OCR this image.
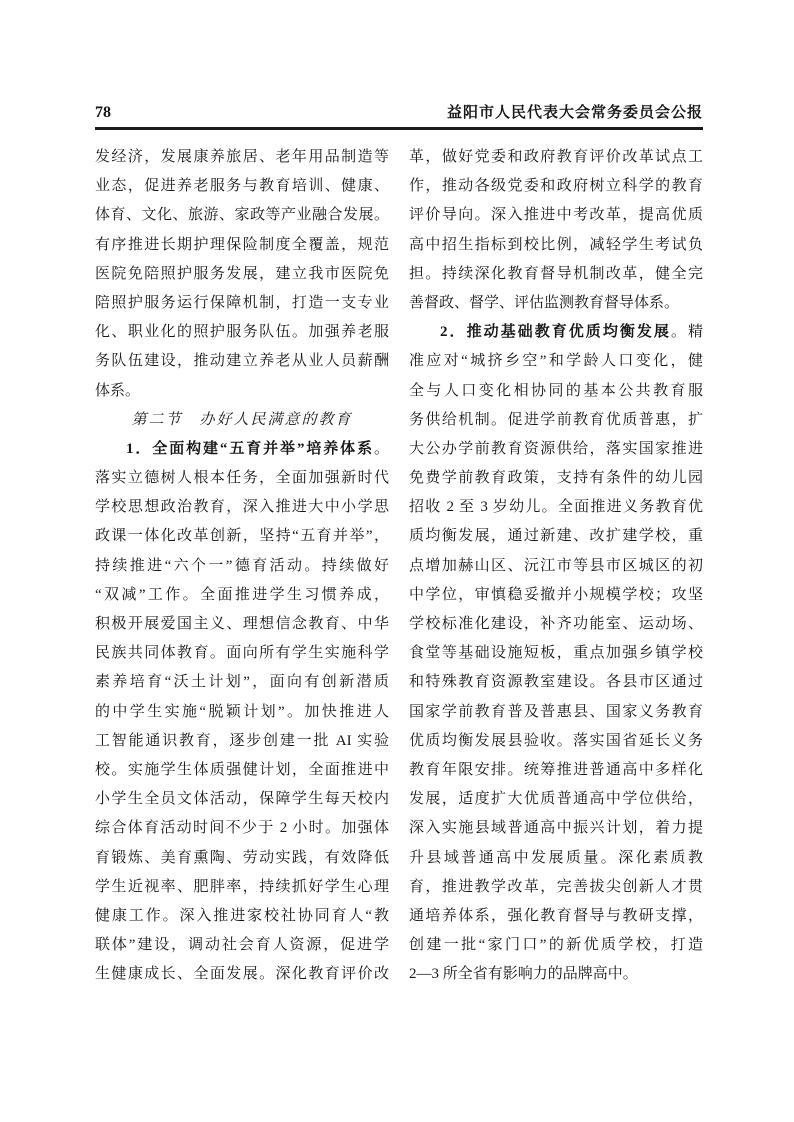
78	益阳市人民代表大会常务委员会公报
发经济，发展康养旅居、老年用品制造等
业态，促进养老服务与教育培训、健康、
体育、文化、旅游、家政等产业融合发展。
有序推进长期护理保险制度全覆盖，规范
医院免陪照护服务发展，建立我市医院免
陪照护服务运行保障机制，打造一支专业
化、职业化的照护服务队伍。加强养老服
务队伍建设，推动建立养老从业人员薪酬
体系。
第二节　办好人民满意的教育
1．全面构建“五育并举”培养体系。
落实立德树人根本任务，全面加强新时代
学校思想政治教育，深入推进大中小学思
政课一体化改革创新，坚持“五育并举”，
持续推进“六个一”德育活动。持续做好
“双减”工作。全面推进学生习惯养成，
积极开展爱国主义、理想信念教育、中华
民族共同体教育。面向所有学生实施科学
素养培育“沃土计划”，面向有创新潜质
的中学生实施“脱颖计划”。加快推进人
工智能通识教育，逐步创建一批 AI 实验
校。实施学生体质强健计划，全面推进中
小学生全员文体活动，保障学生每天校内
综合体育活动时间不少于 2 小时。加强体
育锻炼、美育熏陶、劳动实践，有效降低
学生近视率、肥胖率，持续抓好学生心理
健康工作。深入推进家校社协同育人“教
联体”建设，调动社会育人资源，促进学
生健康成长、全面发展。深化教育评价改
革，做好党委和政府教育评价改革试点工
作，推动各级党委和政府树立科学的教育
评价导向。深入推进中考改革，提高优质
高中招生指标到校比例，减轻学生考试负
担。持续深化教育督导机制改革，健全完
善督政、督学、评估监测教育督导体系。
2．推动基础教育优质均衡发展。精
准应对“城挤乡空”和学龄人口变化，健
全与人口变化相协同的基本公共教育服
务供给机制。促进学前教育优质普惠，扩
大公办学前教育资源供给，落实国家推进
免费学前教育政策，支持有条件的幼儿园
招收 2 至 3 岁幼儿。全面推进义务教育优
质均衡发展，通过新建、改扩建学校，重
点增加赫山区、沅江市等县市区城区的初
中学位，审慎稳妥撤并小规模学校；攻坚
学校标准化建设，补齐功能室、运动场、
食堂等基础设施短板，重点加强乡镇学校
和特殊教育资源教室建设。各县市区通过
国家学前教育普及普惠县、国家义务教育
优质均衡发展县验收。落实国省延长义务
教育年限安排。统筹推进普通高中多样化
发展，适度扩大优质普通高中学位供给，
深入实施县域普通高中振兴计划，着力提
升县域普通高中发展质量。深化素质教
育，推进教学改革，完善拔尖创新人才贯
通培养体系，强化教育督导与教研支撑，
创建一批“家门口”的新优质学校，打造
2—3 所全省有影响力的品牌高中。
